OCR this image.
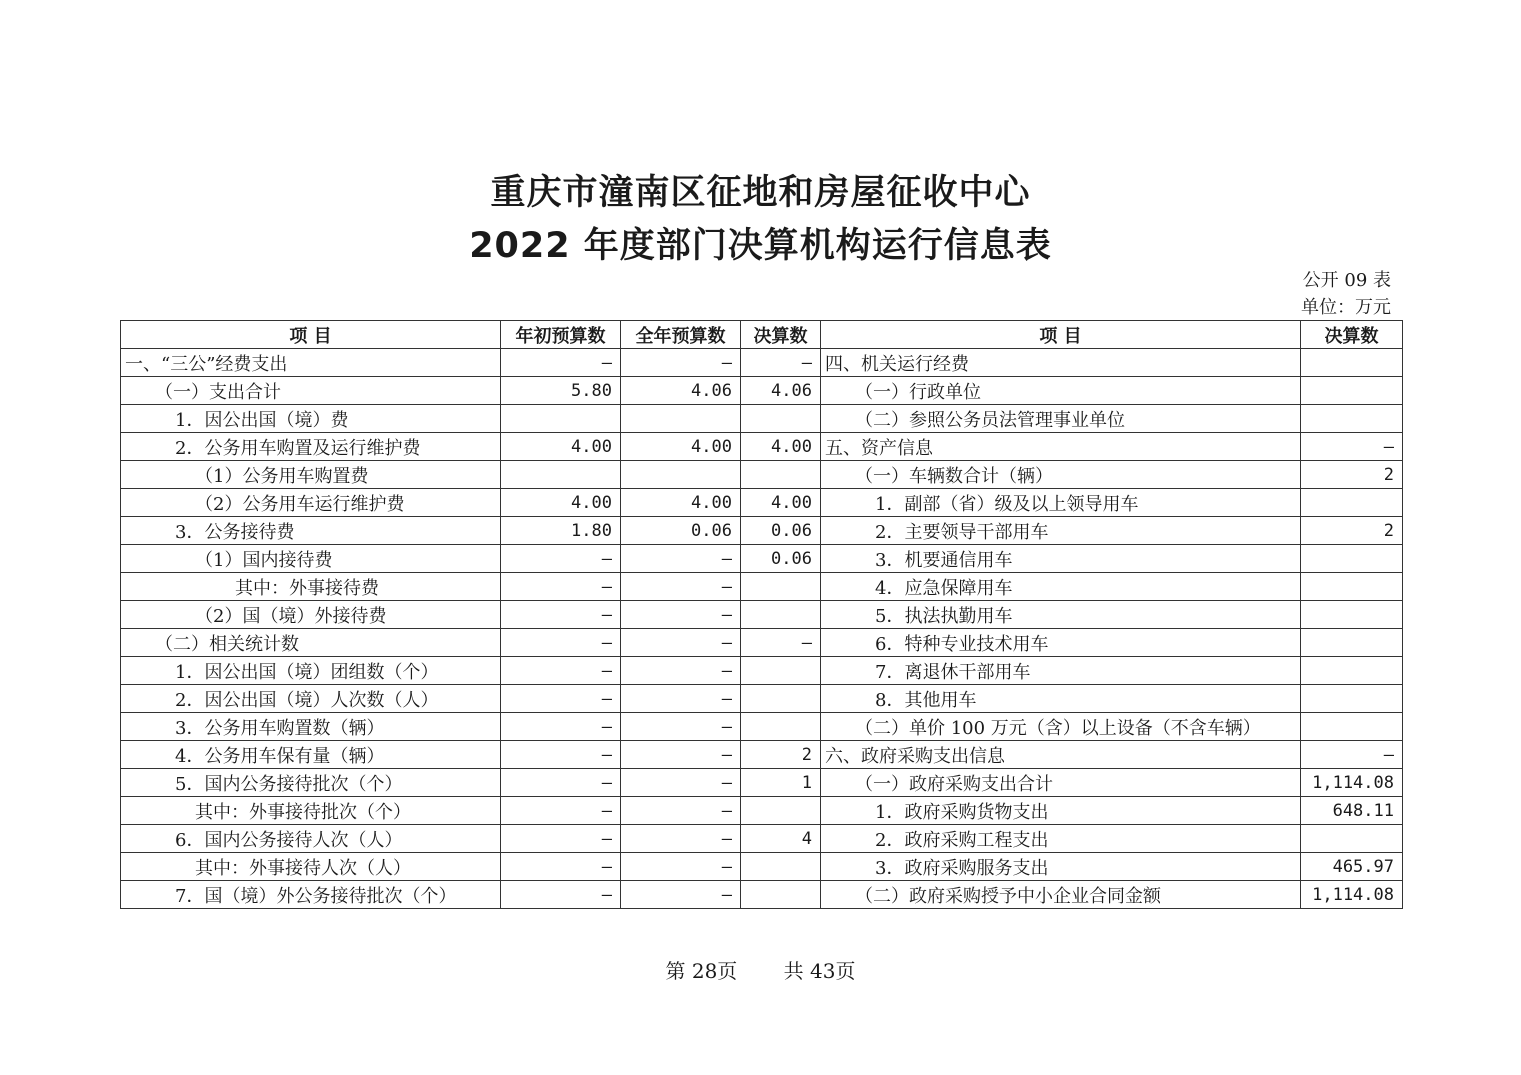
重庆市潼南区征地和房屋征收中心
2022 年度部门决算机构运行信息表
公开 09 表
单位：万元
项 目	年初预算数	全年预算数	决算数	项 目	决算数
一、“三公”经费支出	—	—	—	四、机关运行经费	
（一）支出合计	5.80	4.06	4.06	（一）行政单位	
1．因公出国（境）费				（二）参照公务员法管理事业单位	
2．公务用车购置及运行维护费	4.00	4.00	4.00	五、资产信息	—
（1）公务用车购置费				（一）车辆数合计（辆）	2
（2）公务用车运行维护费	4.00	4.00	4.00	1．副部（省）级及以上领导用车	
3．公务接待费	1.80	0.06	0.06	2．主要领导干部用车	2
（1）国内接待费	—	—	0.06	3．机要通信用车	
其中：外事接待费	—	—		4．应急保障用车	
（2）国（境）外接待费	—	—		5．执法执勤用车	
（二）相关统计数	—	—	—	6．特种专业技术用车	
1．因公出国（境）团组数（个）	—	—		7．离退休干部用车	
2．因公出国（境）人次数（人）	—	—		8．其他用车	
3．公务用车购置数（辆）	—	—		（二）单价 100 万元（含）以上设备（不含车辆）	
4．公务用车保有量（辆）	—	—	2	六、政府采购支出信息	—
5．国内公务接待批次（个）	—	—	1	（一）政府采购支出合计	1,114.08
其中：外事接待批次（个）	—	—		1．政府采购货物支出	648.11
6．国内公务接待人次（人）	—	—	4	2．政府采购工程支出	
其中：外事接待人次（人）	—	—		3．政府采购服务支出	465.97
7．国（境）外公务接待批次（个）	—	—		（二）政府采购授予中小企业合同金额	1,114.08
第 28页 共 43页
